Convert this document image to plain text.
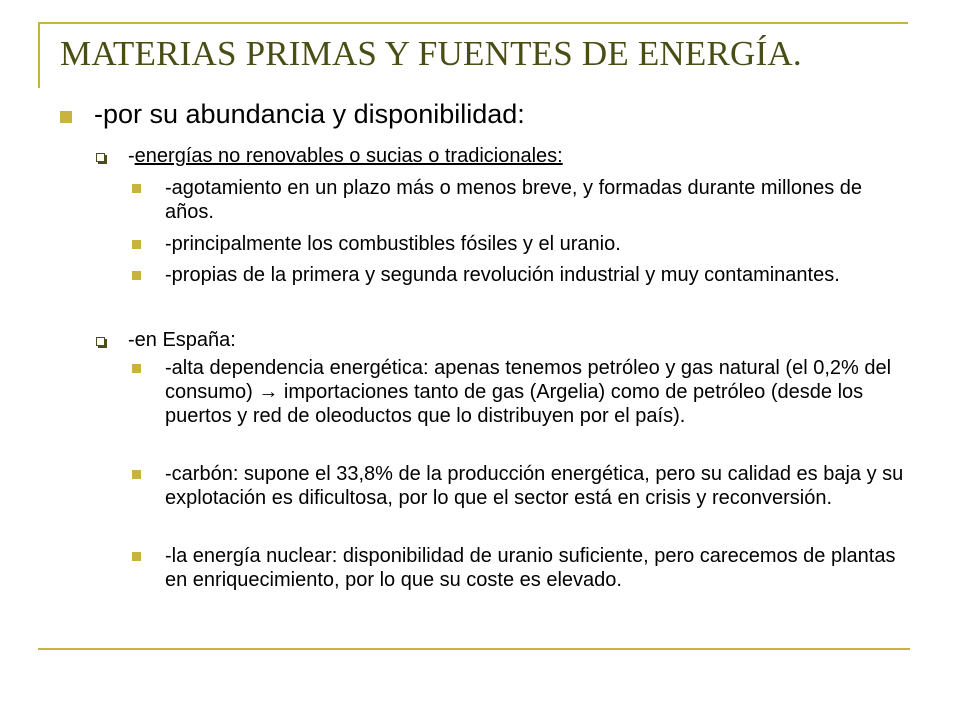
MATERIAS PRIMAS Y FUENTES DE ENERGÍA.
-por su abundancia y disponibilidad:
-energías no renovables o sucias o tradicionales:
-agotamiento en un plazo más o menos breve, y formadas durante millones de años.
-principalmente los combustibles fósiles y el uranio.
-propias de la primera y segunda revolución industrial y muy contaminantes.
-en España:
-alta dependencia energética: apenas tenemos petróleo y gas natural (el 0,2% del consumo) → importaciones tanto de gas (Argelia) como de petróleo (desde los puertos y red de oleoductos que lo distribuyen por el país).
-carbón: supone el 33,8% de la producción energética, pero su calidad es baja y su explotación es dificultosa, por lo que el sector está en crisis y reconversión.
-la energía nuclear: disponibilidad de uranio suficiente, pero carecemos de plantas en enriquecimiento, por lo que su coste es elevado.
